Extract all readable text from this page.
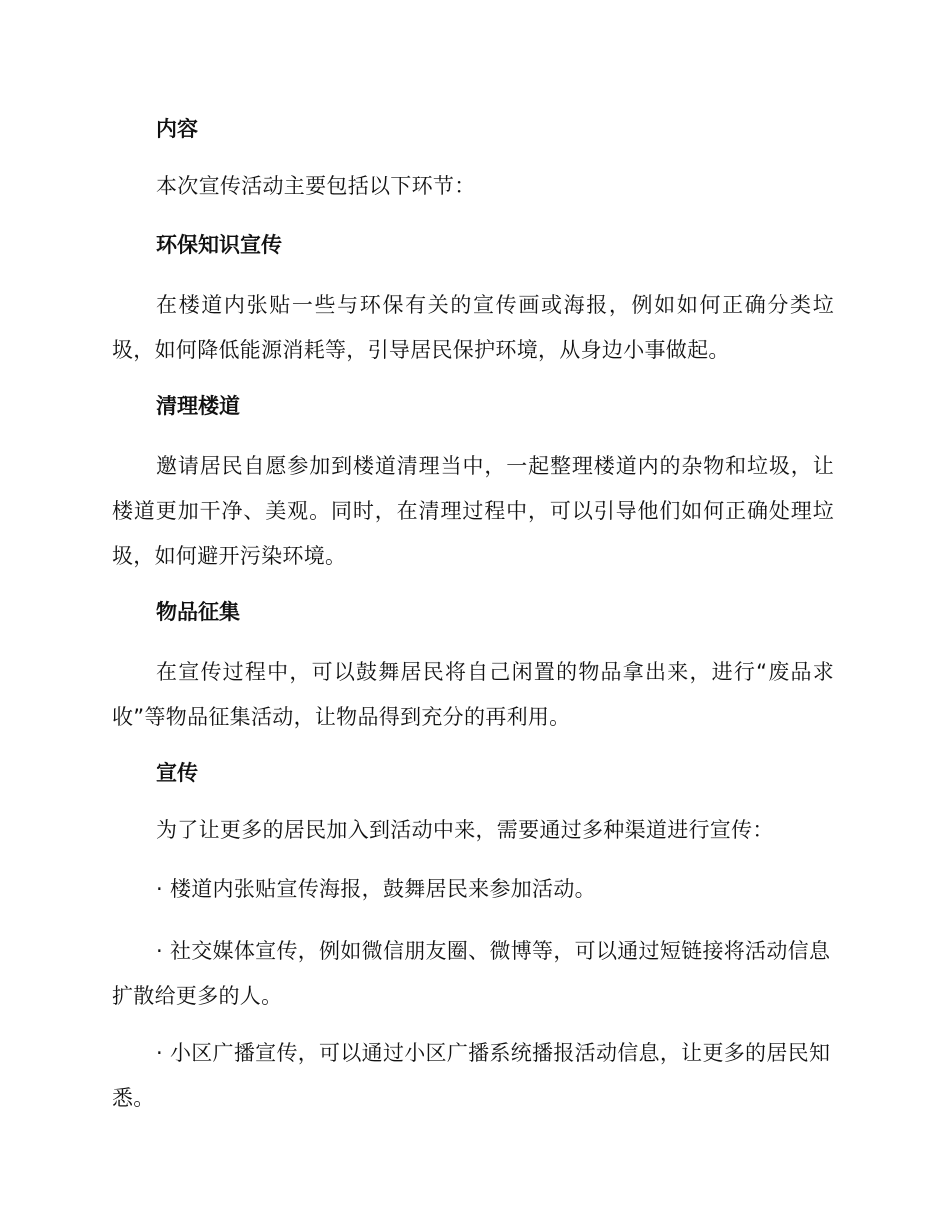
内容
本次宣传活动主要包括以下环节：
环保知识宣传
在楼道内张贴一些与环保有关的宣传画或海报，例如如何正确分类垃圾，如何降低能源消耗等，引导居民保护环境，从身边小事做起。
清理楼道
邀请居民自愿参加到楼道清理当中，一起整理楼道内的杂物和垃圾，让楼道更加干净、美观。同时，在清理过程中，可以引导他们如何正确处理垃圾，如何避开污染环境。
物品征集
在宣传过程中，可以鼓舞居民将自己闲置的物品拿出来，进行“废品求收”等物品征集活动，让物品得到充分的再利用。
宣传
为了让更多的居民加入到活动中来，需要通过多种渠道进行宣传：
· 楼道内张贴宣传海报，鼓舞居民来参加活动。
· 社交媒体宣传，例如微信朋友圈、微博等，可以通过短链接将活动信息扩散给更多的人。
· 小区广播宣传，可以通过小区广播系统播报活动信息，让更多的居民知悉。
